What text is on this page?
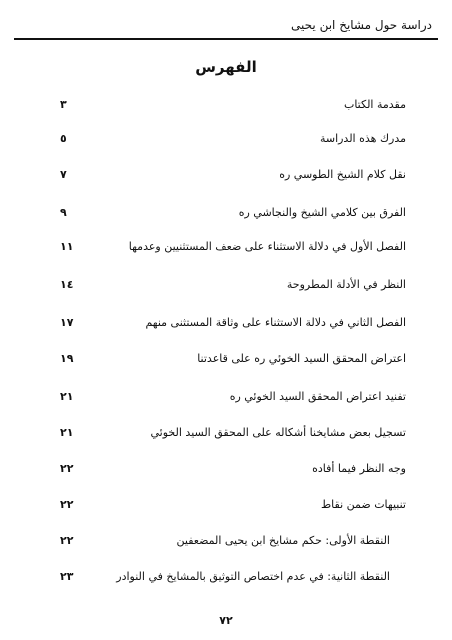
دراسة حول مشايخ ابن يحيى
الفهرس
مقدمة الكتاب
٣
مدرك هذه الدراسة
٥
نقل كلام الشيخ الطوسي ره
٧
الفرق بين كلامي الشيخ والنجاشي ره
٩
الفصل الأول في دلالة الاستثناء على ضعف المستثنيين وعدمها
١١
النظر في الأدلة المطروحة
١٤
الفصل الثاني في دلالة الاستثناء على وثاقة المستثنى منهم
١٧
اعتراض المحقق السيد الخوئي ره على قاعدتنا
١٩
تفنيد اعتراض المحقق السيد الخوئي ره
٢١
تسجيل بعض مشايخنا أشكاله على المحقق السيد الخوئي
٢١
وجه النظر فيما أفاده
٢٢
تنبيهات ضمن نقاط
٢٢
النقطة الأولى: حكم مشايخ ابن يحيى المضعفين
٢٢
النقطة الثانية: في عدم اختصاص التوثيق بالمشايخ في النوادر
٢٣
٧٢
